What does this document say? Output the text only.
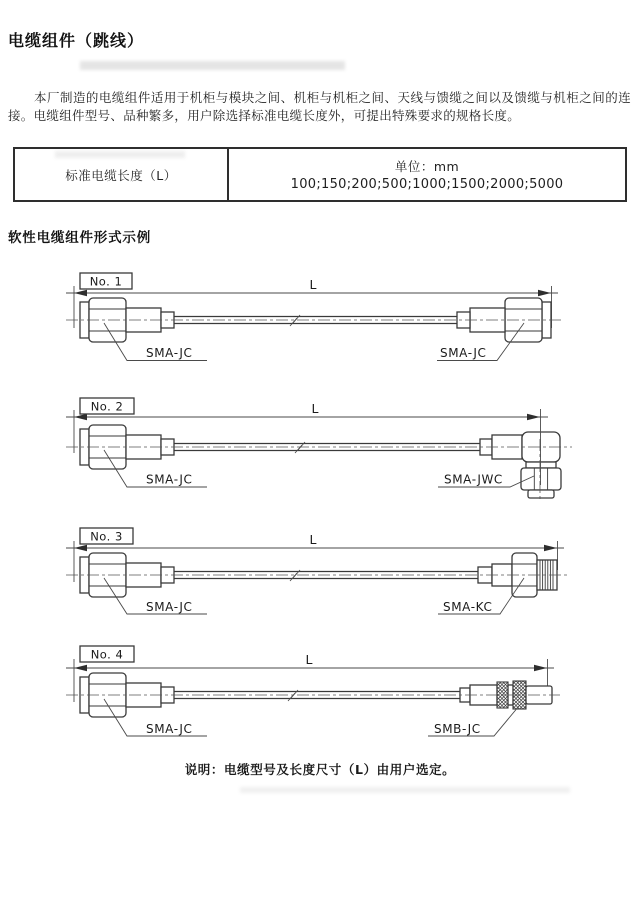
电缆组件（跳线）

本厂制造的电缆组件适用于机柜与模块之间、机柜与机柜之间、天线与馈缆之间以及馈缆与机柜之间的连接。电缆组件型号、品种繁多，用户除选择标准电缆长度外，可提出特殊要求的规格长度。

标准电缆长度（L）
单位：mm
100;150;200;500;1000;1500;2000;5000
软性电缆组件形式示例
No. 1	L
SMA-JC	SMA-JC
No. 2	L
SMA-JC	SMA-JWC
No. 3	L
SMA-JC	SMA-KC
No. 4	L
SMA-JC	SMB-JC
说明：电缆型号及长度尺寸（L）由用户选定。
